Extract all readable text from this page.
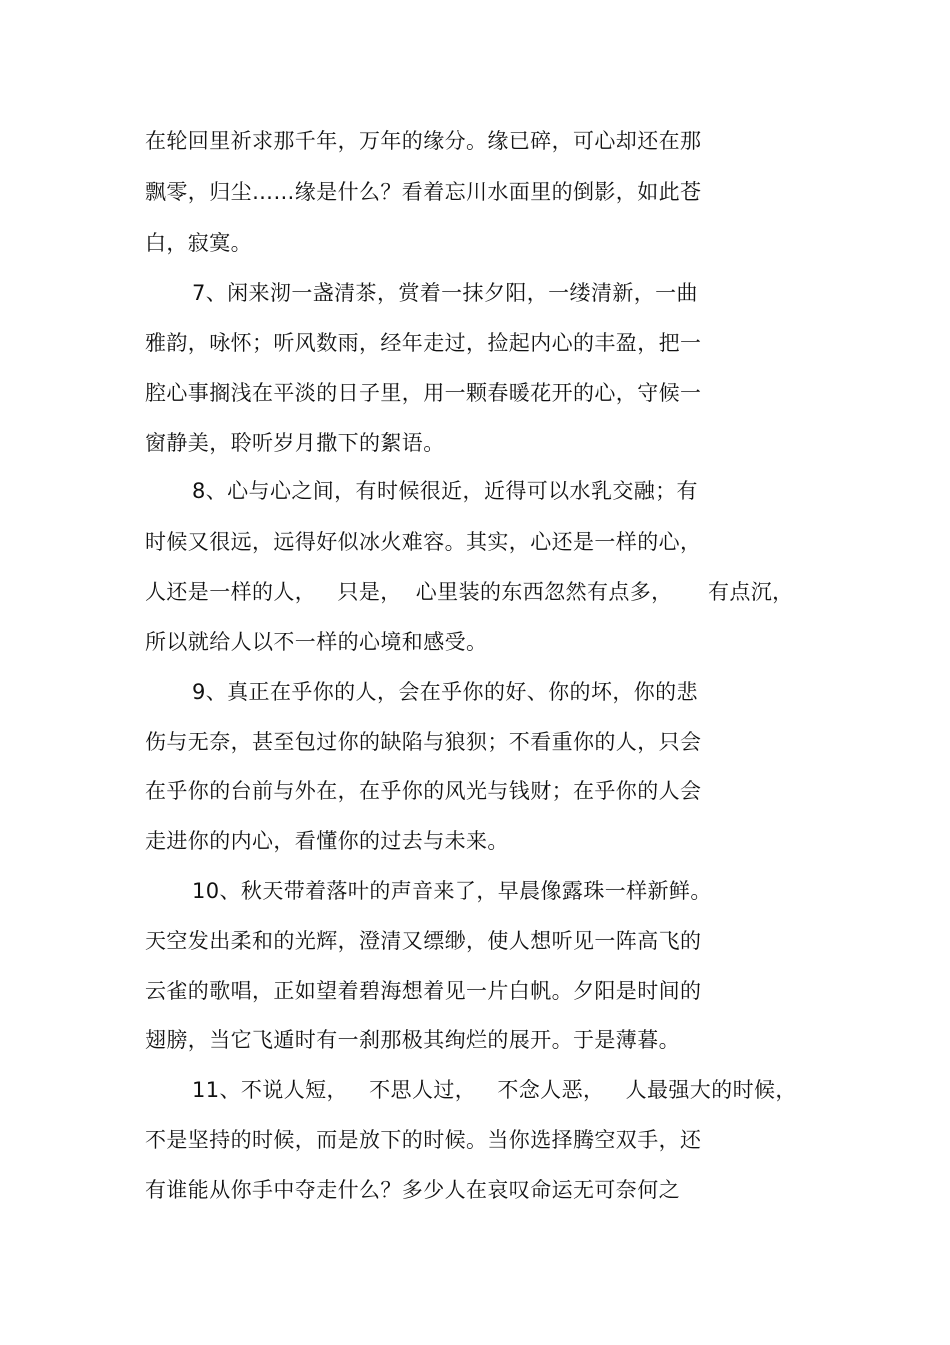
在轮回里祈求那千年，万年的缘分。缘已碎，可心却还在那
飘零，归尘……缘是什么？看着忘川水面里的倒影，如此苍
白，寂寞。
7、闲来沏一盏清茶，赏着一抹夕阳，一缕清新，一曲
雅韵，咏怀；听风数雨，经年走过，捡起内心的丰盈，把一
腔心事搁浅在平淡的日子里，用一颗春暖花开的心，守候一
窗静美，聆听岁月撒下的絮语。
8、心与心之间，有时候很近，近得可以水乳交融；有
时候又很远，远得好似冰火难容。其实，心还是一样的心，
人还是一样的人，   只是，  心里装的东西忽然有点多，     有点沉，
所以就给人以不一样的心境和感受。
9、真正在乎你的人，会在乎你的好、你的坏，你的悲
伤与无奈，甚至包过你的缺陷与狼狈；不看重你的人，只会
在乎你的台前与外在，在乎你的风光与钱财；在乎你的人会
走进你的内心，看懂你的过去与未来。
10、秋天带着落叶的声音来了，早晨像露珠一样新鲜。
天空发出柔和的光辉，澄清又缥缈，使人想听见一阵高飞的
云雀的歌唱，正如望着碧海想着见一片白帆。夕阳是时间的
翅膀，当它飞遁时有一刹那极其绚烂的展开。于是薄暮。
11、不说人短，   不思人过，   不念人恶，   人最强大的时候，
不是坚持的时候，而是放下的时候。当你选择腾空双手，还
有谁能从你手中夺走什么？多少人在哀叹命运无可奈何之
